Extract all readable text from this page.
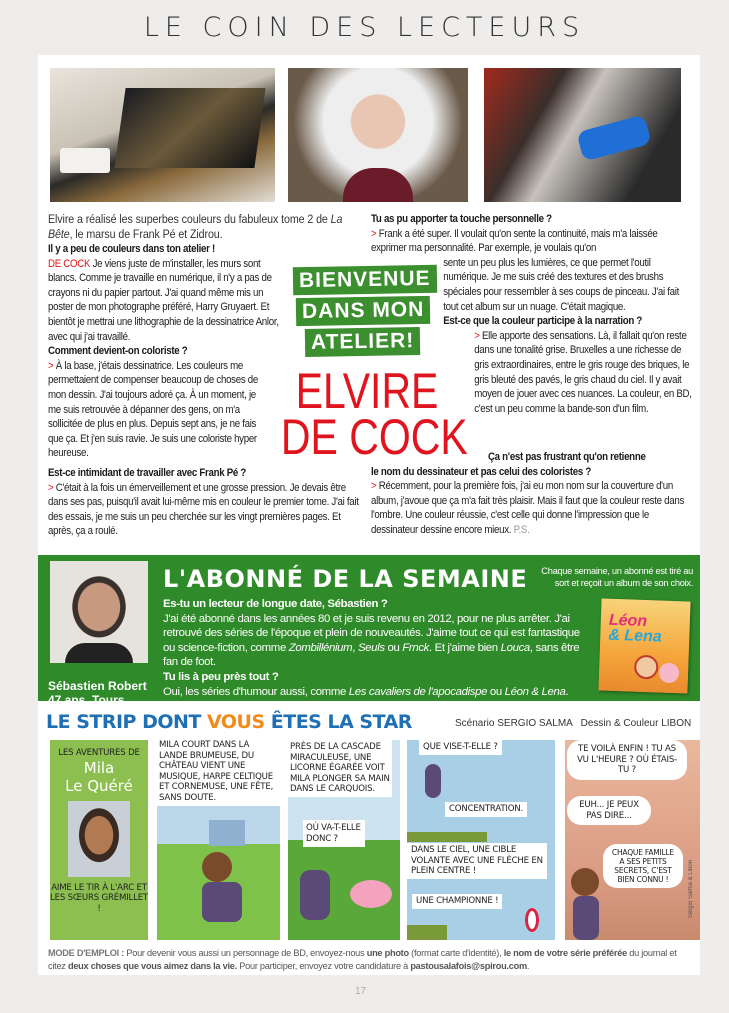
LE COIN DES LECTEURS

Elvire a réalisé les superbes couleurs du fabuleux tome 2 de La Bête, le marsu de Frank Pé et Zidrou.

Il y a peu de couleurs dans ton atelier !

DE COCK Je viens juste de m'installer, les murs sont blancs. Comme je travaille en numérique, il n'y a pas de crayons ni du papier partout. J'ai quand même mis un poster de mon photographe préféré, Harry Gruyaert. Et bientôt je mettrai une lithographie de la dessinatrice Anlor, avec qui j'ai travaillé.

Comment devient-on coloriste ?

> À la base, j'étais dessinatrice. Les couleurs me permettaient de compenser beaucoup de choses de mon dessin. J'ai toujours adoré ça. À un moment, je me suis retrouvée à dépanner des gens, on m'a sollicitée de plus en plus. Depuis sept ans, je ne fais que ça. Et j'en suis ravie. Je suis une coloriste hyper heureuse.

Est-ce intimidant de travailler avec Frank Pé ?

> C'était à la fois un émerveillement et une grosse pression. Je devais être dans ses pas, puisqu'il avait lui-même mis en couleur le premier tome. J'ai fait des essais, je me suis un peu cherchée sur les vingt premières pages. Et après, ça a roulé.

Tu as pu apporter ta touche personnelle ?

> Frank a été super. Il voulait qu'on sente la continuité, mais m'a laissée exprimer ma personnalité. Par exemple, je voulais qu'on

sente un peu plus les lumières, ce que permet l'outil numérique. Je me suis créé des textures et des brushs spéciales pour ressembler à ses coups de pinceau. J'ai fait tout cet album sur un nuage. C'était magique.

Est-ce que la couleur participe à la narration ?

> Elle apporte des sensations. Là, il fallait qu'on reste dans une tonalité grise. Bruxelles a une richesse de gris extraordinaires, entre le gris rouge des briques, le gris bleuté des pavés, le gris chaud du ciel. Il y avait moyen de jouer avec ces nuances. La couleur, en BD, c'est un peu comme la bande-son d'un film.

Ça n'est pas frustrant qu'on retienne

le nom du dessinateur et pas celui des coloristes ?

> Récemment, pour la première fois, j'ai eu mon nom sur la couverture d'un album, j'avoue que ça m'a fait très plaisir. Mais il faut que la couleur reste dans l'ombre. Une couleur réussie, c'est celle qui donne l'impression que le dessinateur dessine encore mieux. P.S.

BIENVENUE
DANS MON
ATELIER!
ELVIRE
DE COCK
Sébastien Robert
47 ans, Tours
L'ABONNÉ DE LA SEMAINE	Chaque semaine, un abonné est tiré au sort et reçoit un album de son choix.

Es-tu un lecteur de longue date, Sébastien ?

J'ai été abonné dans les années 80 et je suis revenu en 2012, pour ne plus arrêter. J'ai retrouvé des séries de l'époque et plein de nouveautés. J'aime tout ce qui est fantastique ou science-fiction, comme Zombillénium, Seuls ou Frnck. Et j'aime bien Louca, sans être fan de foot.

Tu lis à peu près tout ?

Oui, les séries d'humour aussi, comme Les cavaliers de l'apocadispe ou Léon & Lena. J'aime bien ce contraste entre le dessin mignon et les scénarios trash.

Léon
& Lena
LE STRIP DONT VOUS ÊTES LA STAR	Scénario SERGIO SALMA   Dessin & Couleur LIBON
LES AVENTURES DE
Mila
Le Quéré
AIME LE TIR À L'ARC ET LES SŒURS GRÉMILLET !
MILA COURT DANS LA LANDE BRUMEUSE, DU CHÂTEAU VIENT UNE MUSIQUE, HARPE CELTIQUE ET CORNEMUSE, UNE FÊTE, SANS DOUTE.
PRÈS DE LA CASCADE MIRACULEUSE, UNE LICORNE ÉGARÉE VOIT MILA PLONGER SA MAIN DANS LE CARQUOIS.
OÙ VA-T-ELLE DONC ?
QUE VISE-T-ELLE ?
CONCENTRATION.
DANS LE CIEL, UNE CIBLE VOLANTE AVEC UNE FLÈCHE EN PLEIN CENTRE !
UNE CHAMPIONNE !
TE VOILÀ ENFIN ! TU AS VU L'HEURE ? OÙ ÉTAIS-TU ?
EUH... JE PEUX PAS DIRE...
CHAQUE FAMILLE A SES PETITS SECRETS, C'EST BIEN CONNU !	Sergio Salma & Libon
MODE D'EMPLOI : Pour devenir vous aussi un personnage de BD, envoyez-nous une photo (format carte d'identité), le nom de votre série préférée du journal et citez deux choses que vous aimez dans la vie. Pour participer, envoyez votre candidature à pastousalafois@spirou.com.
17
